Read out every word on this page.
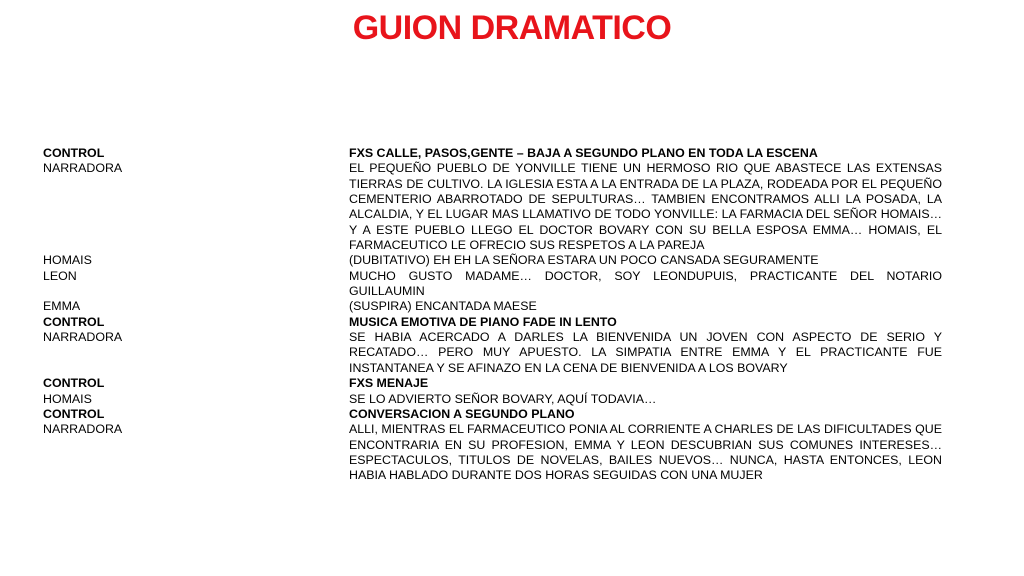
GUION DRAMATICO
CONTROL	FXS CALLE, PASOS,GENTE – BAJA A SEGUNDO PLANO EN TODA LA ESCENA
NARRADORA	EL PEQUEÑO PUEBLO DE YONVILLE TIENE UN HERMOSO RIO QUE ABASTECE LAS EXTENSAS TIERRAS DE CULTIVO. LA IGLESIA ESTA A LA ENTRADA DE LA PLAZA, RODEADA POR EL PEQUEÑO CEMENTERIO ABARROTADO DE SEPULTURAS… TAMBIEN ENCONTRAMOS ALLI LA POSADA, LA ALCALDIA, Y EL LUGAR MAS LLAMATIVO DE TODO YONVILLE: LA FARMACIA DEL SEÑOR HOMAIS… Y A ESTE PUEBLO LLEGO EL DOCTOR BOVARY CON SU BELLA ESPOSA EMMA… HOMAIS, EL FARMACEUTICO LE OFRECIO SUS RESPETOS A LA PAREJA
HOMAIS	(DUBITATIVO) EH EH LA SEÑORA ESTARA UN POCO CANSADA SEGURAMENTE
LEON	MUCHO GUSTO MADAME… DOCTOR, SOY LEONDUPUIS, PRACTICANTE DEL NOTARIO GUILLAUMIN
EMMA	(SUSPIRA) ENCANTADA MAESE
CONTROL	MUSICA EMOTIVA DE PIANO FADE IN LENTO
NARRADORA	SE HABIA ACERCADO A DARLES LA BIENVENIDA UN JOVEN CON ASPECTO DE SERIO Y RECATADO… PERO MUY APUESTO. LA SIMPATIA ENTRE EMMA Y EL PRACTICANTE FUE INSTANTANEA Y SE AFINAZO EN LA CENA DE BIENVENIDA A LOS BOVARY
CONTROL	FXS MENAJE
HOMAIS	SE LO ADVIERTO SEÑOR BOVARY, AQUÍ TODAVIA…
CONTROL	CONVERSACION A SEGUNDO PLANO
NARRADORA	ALLI, MIENTRAS EL FARMACEUTICO PONIA AL CORRIENTE A CHARLES DE LAS DIFICULTADES QUE ENCONTRARIA EN SU PROFESION, EMMA Y LEON DESCUBRIAN SUS COMUNES INTERESES… ESPECTACULOS, TITULOS DE NOVELAS, BAILES NUEVOS… NUNCA, HASTA ENTONCES, LEON HABIA HABLADO DURANTE DOS HORAS SEGUIDAS CON UNA MUJER
